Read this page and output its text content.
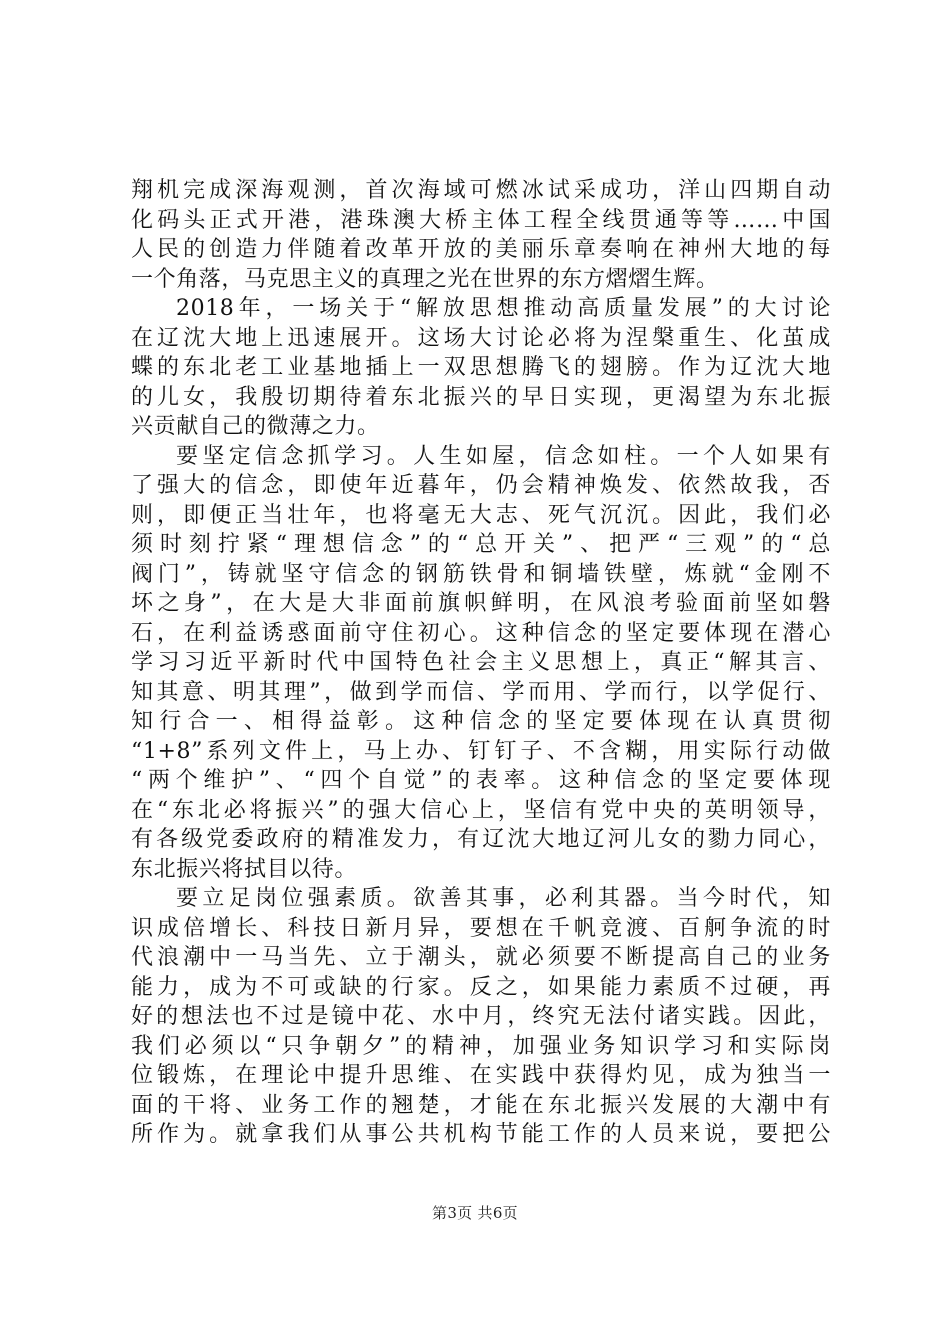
翔机完成深海观测，首次海域可燃冰试采成功，洋山四期自动
化码头正式开港，港珠澳大桥主体工程全线贯通等等……中国
人民的创造力伴随着改革开放的美丽乐章奏响在神州大地的每
一个角落，马克思主义的真理之光在世界的东方熠熠生辉。
2018年，一场关于“解放思想推动高质量发展”的大讨论
在辽沈大地上迅速展开。这场大讨论必将为涅槃重生、化茧成
蝶的东北老工业基地插上一双思想腾飞的翅膀。作为辽沈大地
的儿女，我殷切期待着东北振兴的早日实现，更渴望为东北振
兴贡献自己的微薄之力。
要坚定信念抓学习。人生如屋，信念如柱。一个人如果有
了强大的信念，即使年近暮年，仍会精神焕发、依然故我，否
则，即便正当壮年，也将毫无大志、死气沉沉。因此，我们必
须时刻拧紧“理想信念”的“总开关”、把严“三观”的“总
阀门”，铸就坚守信念的钢筋铁骨和铜墙铁壁，炼就“金刚不
坏之身”，在大是大非面前旗帜鲜明，在风浪考验面前坚如磐
石，在利益诱惑面前守住初心。这种信念的坚定要体现在潜心
学习习近平新时代中国特色社会主义思想上，真正“解其言、
知其意、明其理”，做到学而信、学而用、学而行，以学促行、
知行合一、相得益彰。这种信念的坚定要体现在认真贯彻
“1+8”系列文件上，马上办、钉钉子、不含糊，用实际行动做
“两个维护”、“四个自觉”的表率。这种信念的坚定要体现
在“东北必将振兴”的强大信心上，坚信有党中央的英明领导，
有各级党委政府的精准发力，有辽沈大地辽河儿女的勠力同心，
东北振兴将拭目以待。
要立足岗位强素质。欲善其事，必利其器。当今时代，知
识成倍增长、科技日新月异，要想在千帆竞渡、百舸争流的时
代浪潮中一马当先、立于潮头，就必须要不断提高自己的业务
能力，成为不可或缺的行家。反之，如果能力素质不过硬，再
好的想法也不过是镜中花、水中月，终究无法付诸实践。因此，
我们必须以“只争朝夕”的精神，加强业务知识学习和实际岗
位锻炼，在理论中提升思维、在实践中获得灼见，成为独当一
面的干将、业务工作的翘楚，才能在东北振兴发展的大潮中有
所作为。就拿我们从事公共机构节能工作的人员来说，要把公
第3页 共6页
